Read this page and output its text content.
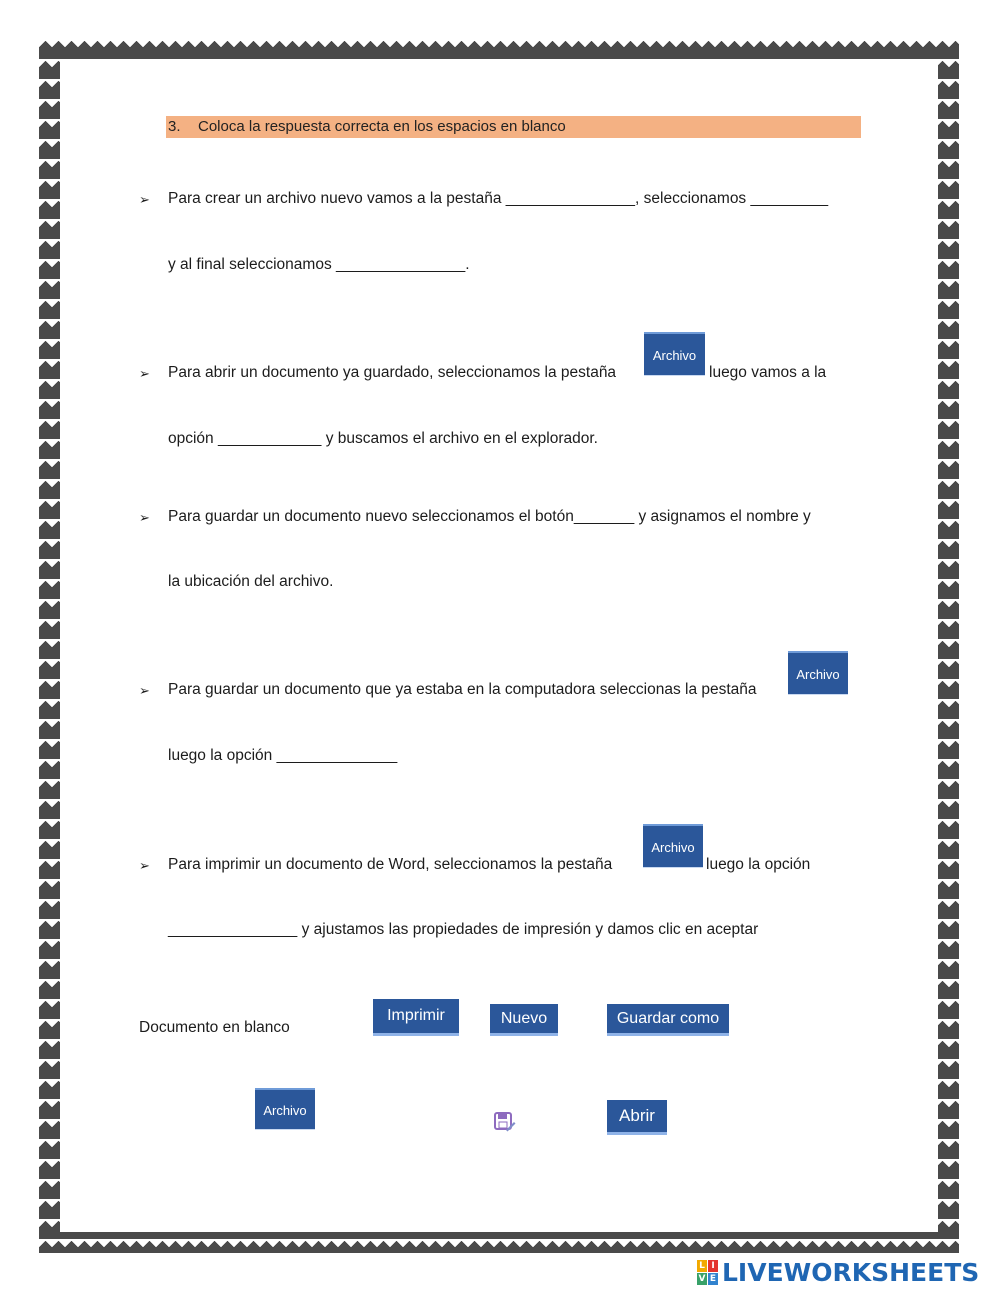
3. Coloca la respuesta correcta en los espacios en blanco
➢ Para crear un archivo nuevo vamos a la pestaña _______________, seleccionamos _________
y al final seleccionamos _______________.
➢ Para abrir un documento ya guardado, seleccionamos la pestaña
Archivo
luego vamos a la
opción ____________ y buscamos el archivo en el explorador.
➢ Para guardar un documento nuevo seleccionamos el botón_______ y asignamos el nombre y
la ubicación del archivo.
➢ Para guardar un documento que ya estaba en la computadora seleccionas la pestaña
Archivo
luego la opción ______________
➢ Para imprimir un documento de Word, seleccionamos la pestaña
Archivo
luego la opción
_______________ y ajustamos las propiedades de impresión y damos clic en aceptar
Documento en blanco
Imprimir	Nuevo	Guardar como
Archivo	Abrir
L I
V E LIVEWORKSHEETS
